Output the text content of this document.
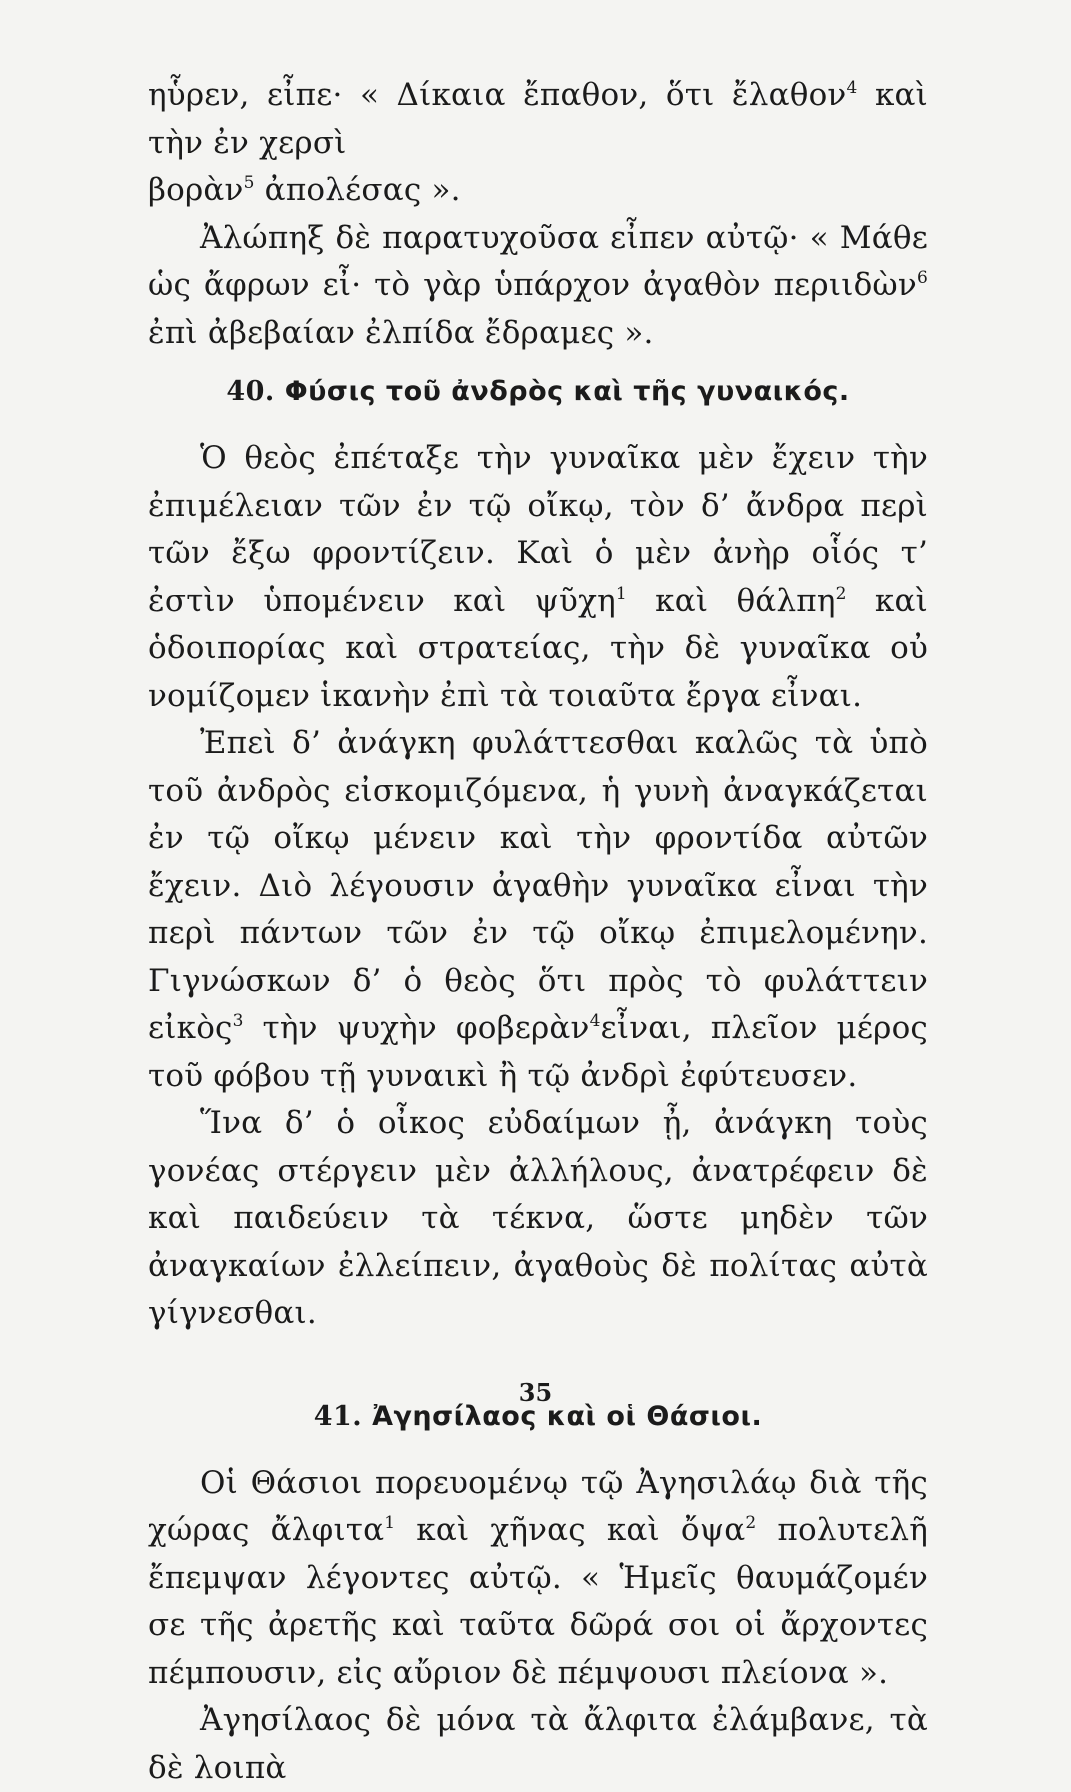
ηὗρεν, εἶπε· « Δίκαια ἔπαθον, ὅτι ἔλαθον$^4$ καὶ τὴν ἐν χερσὶ

βορὰν$^5$ ἀπολέσας ».

Ἀλώπηξ δὲ παρατυχοῦσα εἶπεν αὐτῷ· « Μάθε ὡς ἄφρων εἶ· τὸ γὰρ ὑπάρχον ἀγαθὸν περιιδὼν$^6$ ἐπὶ ἀβεβαίαν ἐλπίδα ἔδραμες ».

40. Φύσις τοῦ ἀνδρὸς καὶ τῆς γυναικός.

Ὁ θεὸς ἐπέταξε τὴν γυναῖκα μὲν ἔχειν τὴν ἐπιμέλειαν τῶν ἐν τῷ οἴκῳ, τὸν δ’ ἄνδρα περὶ τῶν ἔξω φροντίζειν. Καὶ ὁ μὲν ἀνὴρ οἷός τ’ ἐστὶν ὑπομένειν καὶ ψῦχη$^1$ καὶ θάλπη$^2$ καὶ ὁδοιπορίας καὶ στρατείας, τὴν δὲ γυναῖκα οὐ νομίζομεν ἱκανὴν ἐπὶ τὰ τοιαῦτα ἔργα εἶναι.

Ἐπεὶ δ’ ἀνάγκη φυλάττεσθαι καλῶς τὰ ὑπὸ τοῦ ἀνδρὸς εἰσκομιζόμενα, ἡ γυνὴ ἀναγκάζεται ἐν τῷ οἴκῳ μένειν καὶ τὴν φροντίδα αὐτῶν ἔχειν. Διὸ λέγουσιν ἀγαθὴν γυναῖκα εἶναι τὴν περὶ πάντων τῶν ἐν τῷ οἴκῳ ἐπιμελομένην. Γιγνώσκων δ’ ὁ θεὸς ὅτι πρὸς τὸ φυλάττειν εἰκὸς$^3$ τὴν ψυχὴν φοβερὰν$^4$εἶναι, πλεῖον μέρος τοῦ φόβου τῇ γυναικὶ ἢ τῷ ἀνδρὶ ἐφύτευσεν.

Ἵνα δ’ ὁ οἶκος εὐδαίμων ᾖ, ἀνάγκη τοὺς γονέας στέργειν μὲν ἀλλήλους, ἀνατρέφειν δὲ καὶ παιδεύειν τὰ τέκνα, ὥστε μηδὲν τῶν ἀναγκαίων ἐλλείπειν, ἀγαθοὺς δὲ πολίτας αὐτὰ γίγνεσθαι.

41. Ἀγησίλαος καὶ οἱ Θάσιοι.

Οἱ Θάσιοι πορευομένῳ τῷ Ἀγησιλάῳ διὰ τῆς χώρας ἄλφιτα$^1$ καὶ χῆνας καὶ ὄψα$^2$ πολυτελῆ ἔπεμψαν λέγοντες αὐτῷ. « Ἡμεῖς θαυμάζομέν σε τῆς ἀρετῆς καὶ ταῦτα δῶρά σοι οἱ ἄρχοντες πέμπουσιν, εἰς αὔριον δὲ πέμψουσι πλείονα ».

Ἀγησίλαος δὲ μόνα τὰ ἄλφιτα ἐλάμβανε, τὰ δὲ λοιπὰ

35
